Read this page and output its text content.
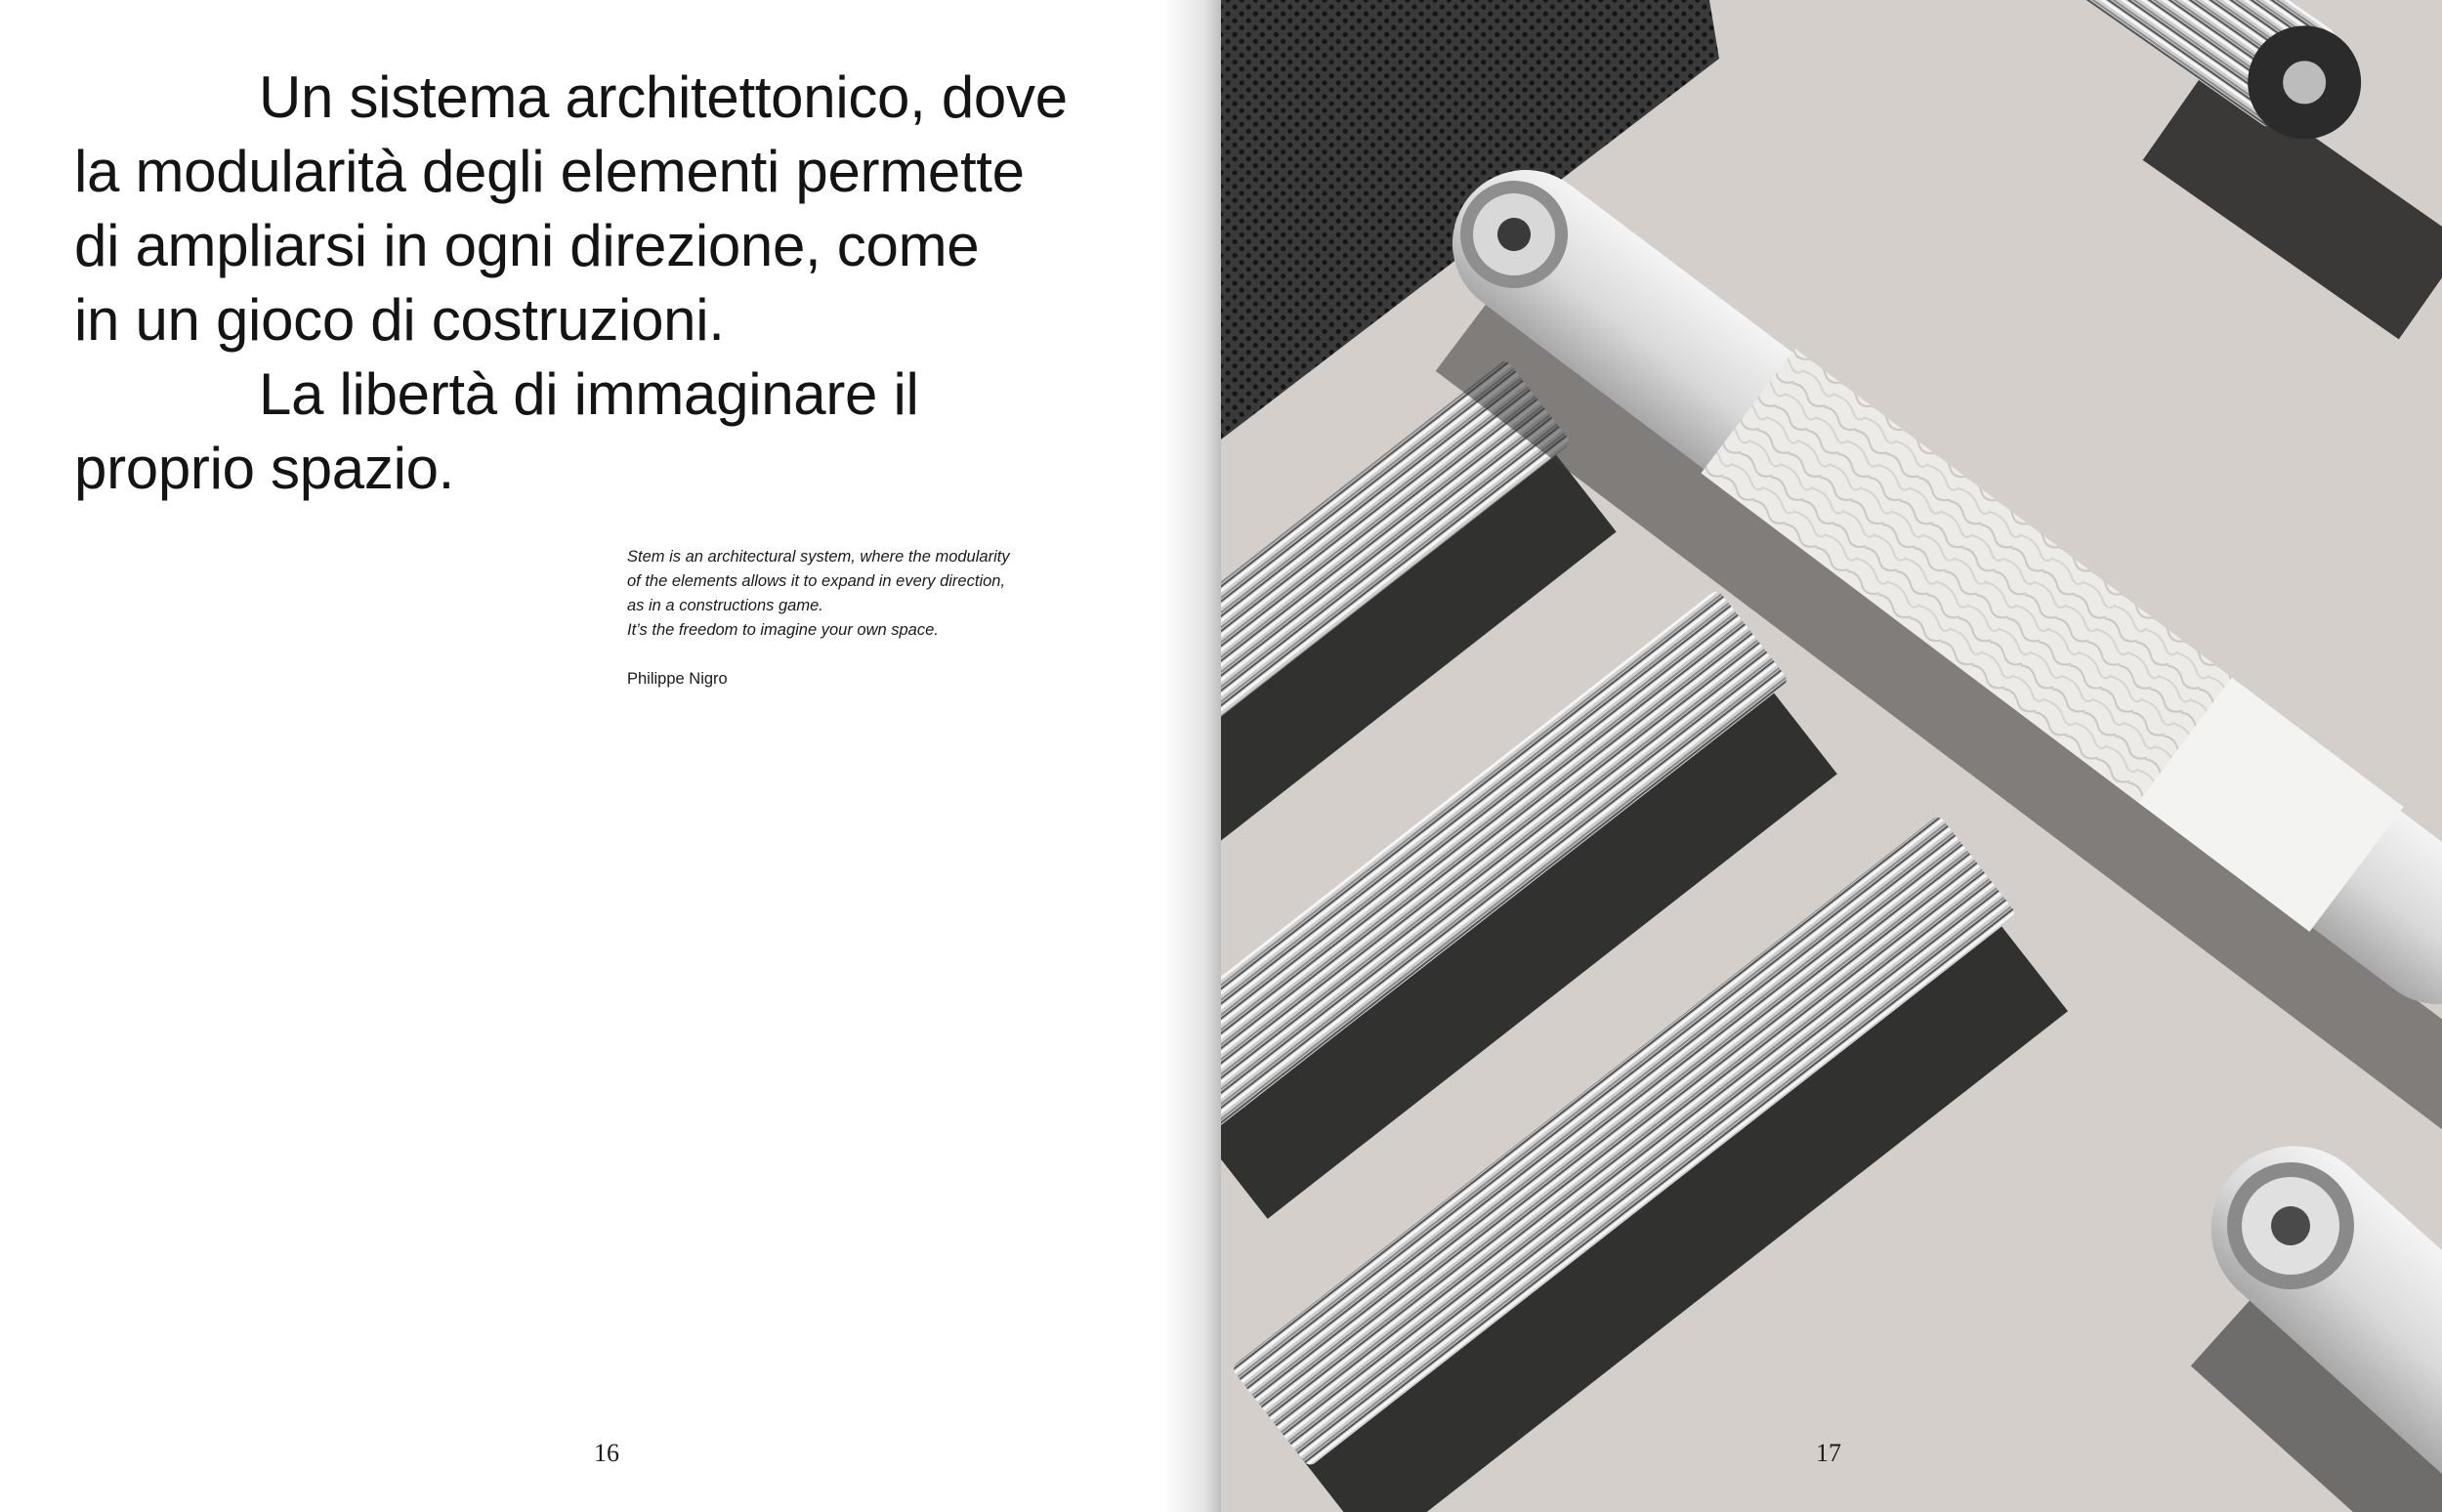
Un sistema architettonico, dove
la modularità degli elementi permette
di ampliarsi in ogni direzione, come
in un gioco di costruzioni.
La libertà di immaginare il
proprio spazio.
Stem is an architectural system, where the modularity
of the elements allows it to expand in every direction,
as in a constructions game.
It’s the freedom to imagine your own space.
Philippe Nigro
16	17
